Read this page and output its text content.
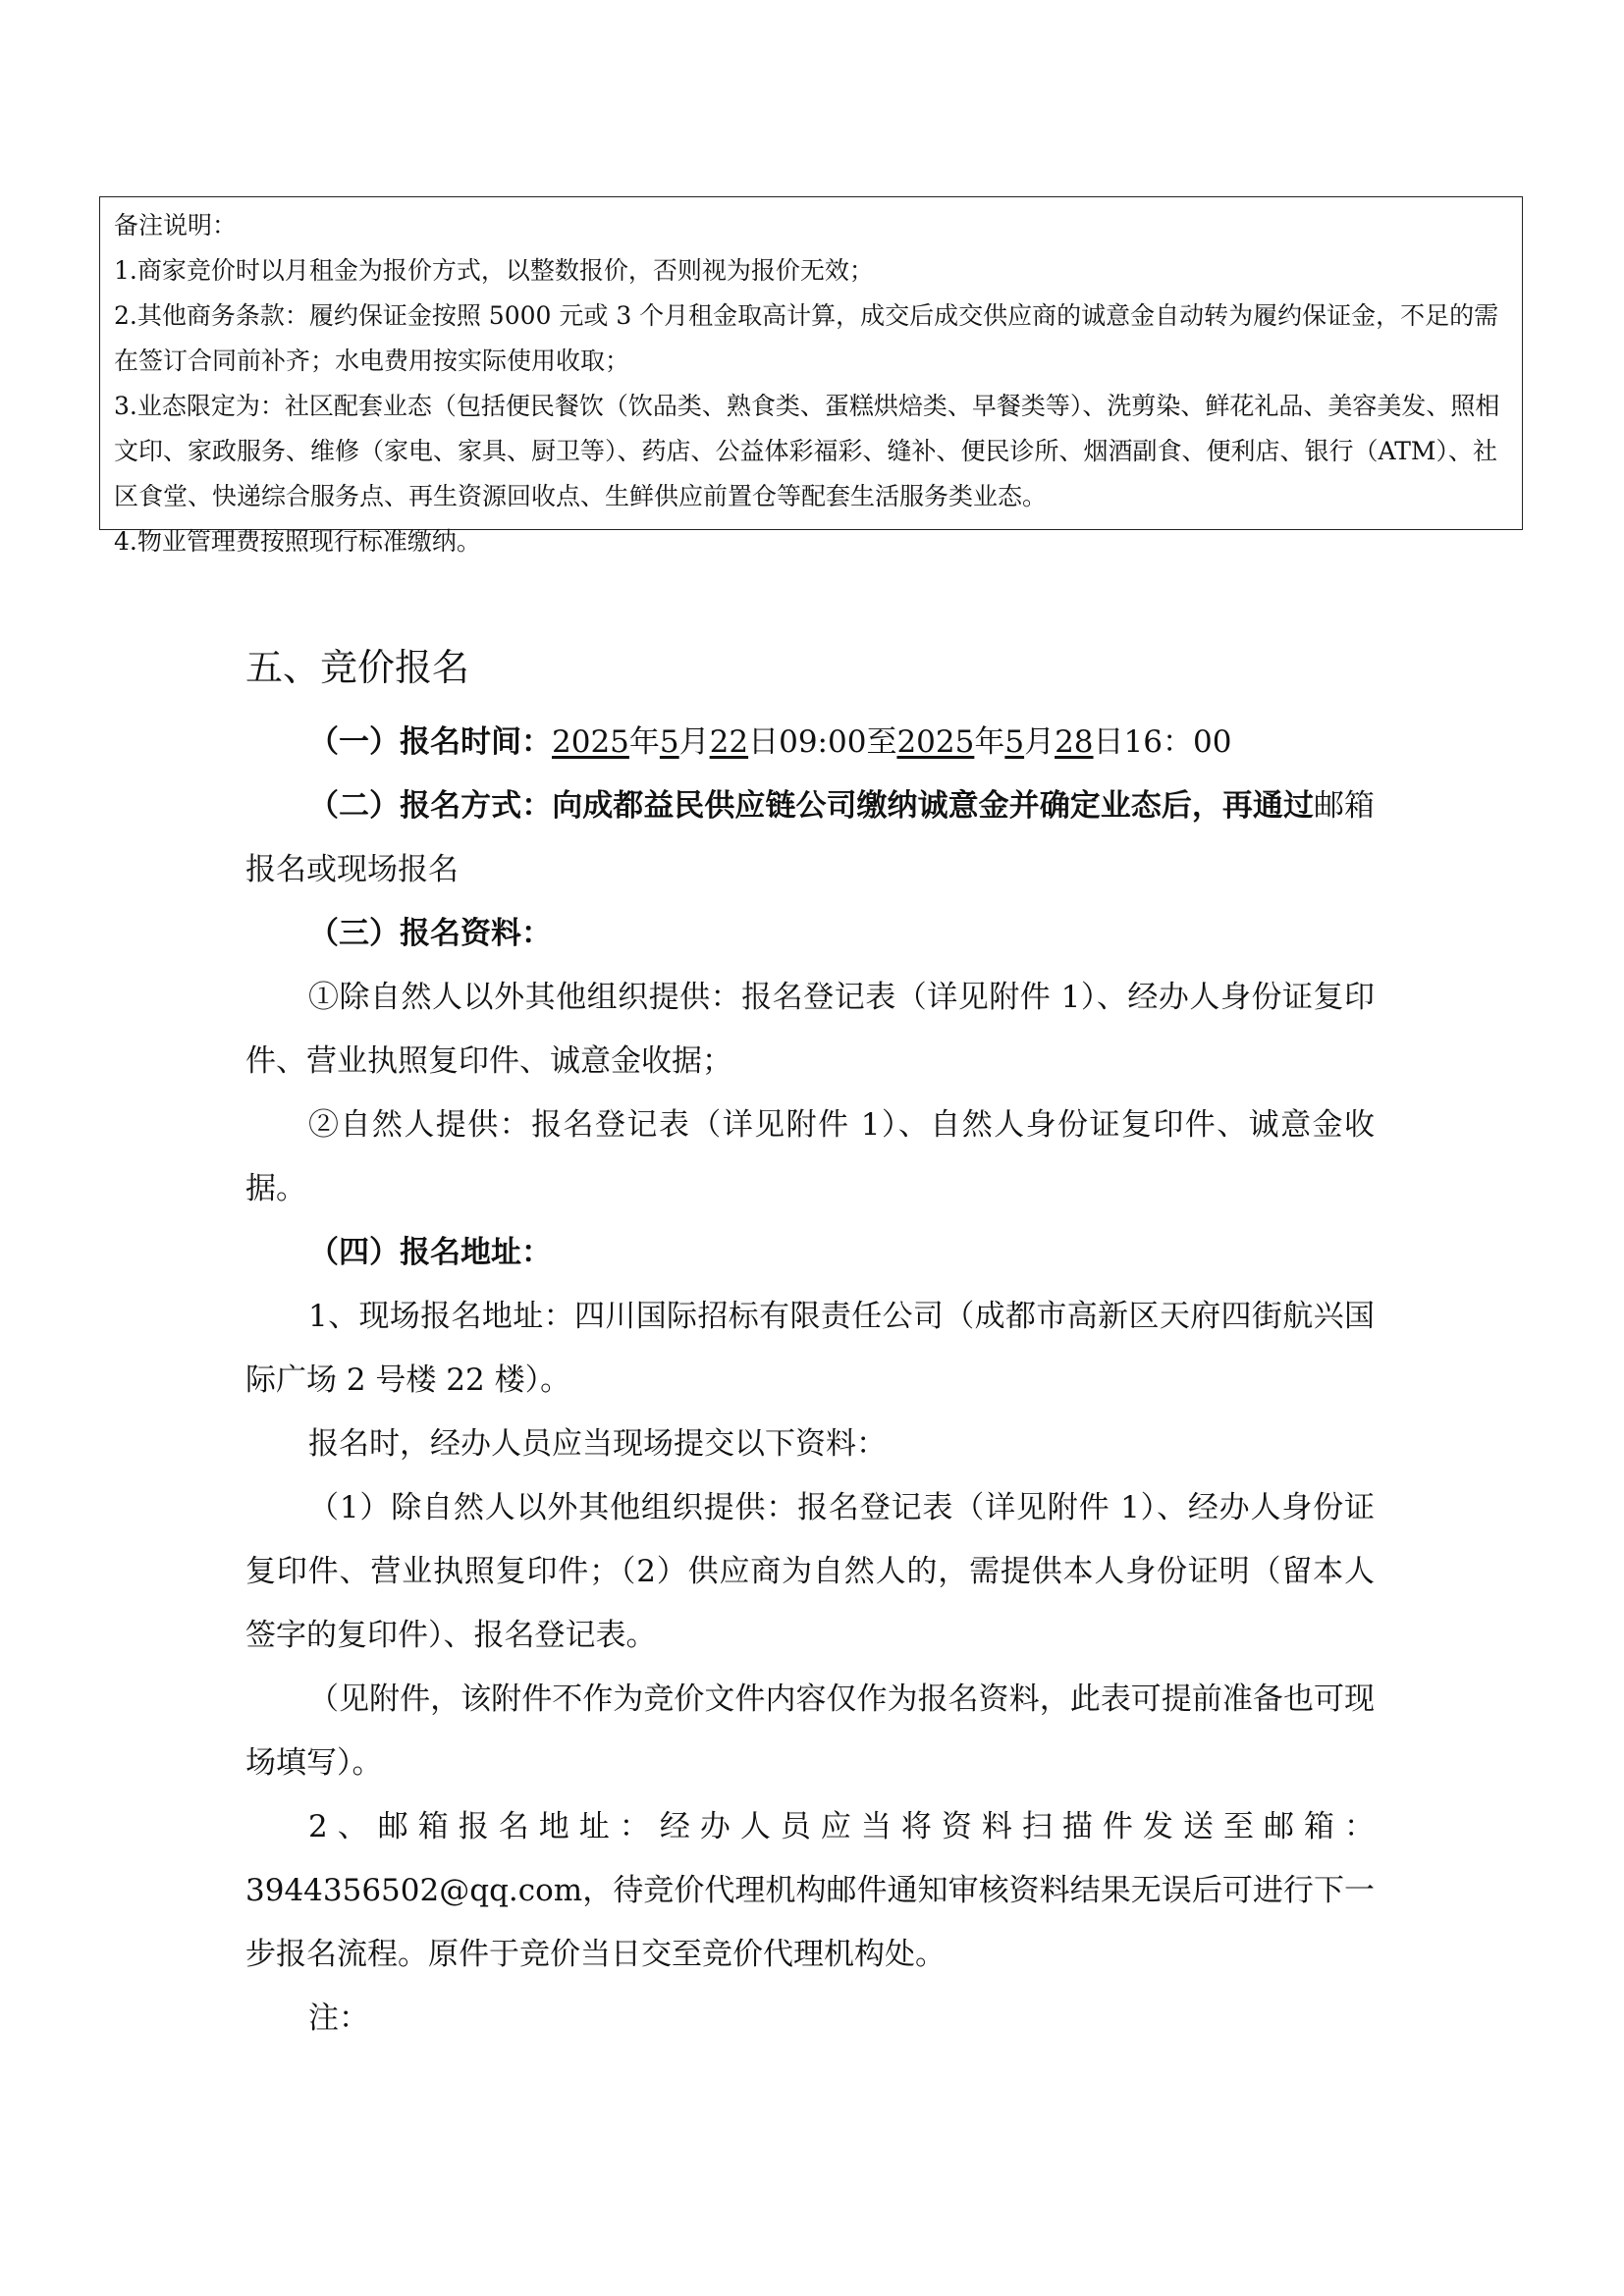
备注说明：

1.商家竞价时以月租金为报价方式，以整数报价，否则视为报价无效；

2.其他商务条款：履约保证金按照 5000 元或 3 个月租金取高计算，成交后成交供应商的诚意金自动转为履约保证金，不足的需在签订合同前补齐；水电费用按实际使用收取；

3.业态限定为：社区配套业态（包括便民餐饮（饮品类、熟食类、蛋糕烘焙类、早餐类等）、洗剪染、鲜花礼品、美容美发、照相文印、家政服务、维修（家电、家具、厨卫等）、药店、公益体彩福彩、缝补、便民诊所、烟酒副食、便利店、银行（ATM）、社区食堂、快递综合服务点、再生资源回收点、生鲜供应前置仓等配套生活服务类业态。

4.物业管理费按照现行标准缴纳。

五、竞价报名

（一）报名时间：2025年5月22日09:00至2025年5月28日16：00

（二）报名方式：向成都益民供应链公司缴纳诚意金并确定业态后，再通过邮箱报名或现场报名

（三）报名资料：

①除自然人以外其他组织提供：报名登记表（详见附件 1）、经办人身份证复印件、营业执照复印件、诚意金收据；

②自然人提供：报名登记表（详见附件 1）、自然人身份证复印件、诚意金收据。

（四）报名地址：

1、现场报名地址：四川国际招标有限责任公司（成都市高新区天府四街航兴国际广场 2 号楼 22 楼）。

报名时，经办人员应当现场提交以下资料：

（1）除自然人以外其他组织提供：报名登记表（详见附件 1）、经办人身份证复印件、营业执照复印件；（2）供应商为自然人的，需提供本人身份证明（留本人签字的复印件）、报名登记表。

（见附件，该附件不作为竞价文件内容仅作为报名资料，此表可提前准备也可现场填写）。

2、邮箱报名地址：经办人员应当将资料扫描件发送至邮箱：3944356502@qq.com，待竞价代理机构邮件通知审核资料结果无误后可进行下一步报名流程。原件于竞价当日交至竞价代理机构处。

注：
